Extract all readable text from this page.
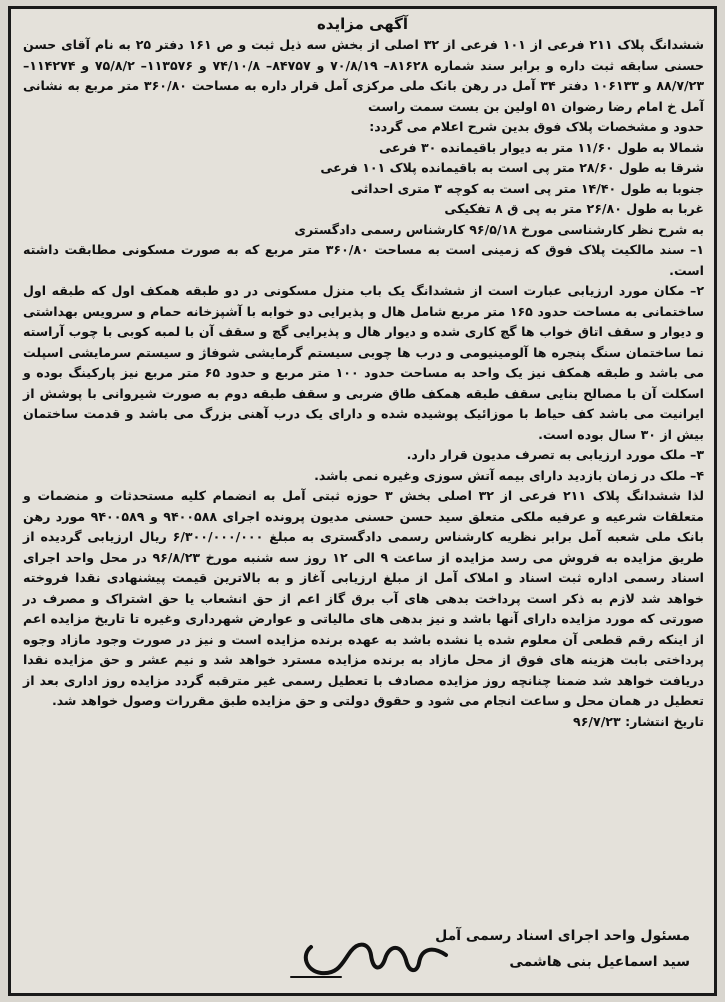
آگهی مزایده

ششدانگ پلاک ۲۱۱ فرعی از ۱۰۱ فرعی از ۳۲ اصلی از بخش سه ذیل ثبت و ص ۱۶۱ دفتر ۲۵ به نام آقای حسن حسنی سابقه ثبت داره و برابر سند شماره ۸۱۶۲۸– ۷۰/۸/۱۹ و ۸۴۷۵۷– ۷۴/۱۰/۸ و ۱۱۳۵۷۶– ۷۵/۸/۲ و ۱۱۴۲۷۴– ۸۸/۷/۲۳ و ۱۰۶۱۳۳ دفتر ۳۴ آمل در رهن بانک ملی مرکزی آمل قرار داره به مساحت ۳۶۰/۸۰ متر مربع به نشانی آمل خ امام رضا رضوان ۵۱ اولین بن بست سمت راست

حدود و مشخصات پلاک فوق بدین شرح اعلام می گردد:

شمالا به طول ۱۱/۶۰ متر به دیوار باقیمانده ۳۰ فرعی

شرقا به طول ۲۸/۶۰ متر پی است به باقیمانده پلاک ۱۰۱ فرعی

جنوبا به طول ۱۴/۴۰ متر پی است به کوچه ۳ متری احداثی

غربا به طول ۲۶/۸۰ متر به پی ق ۸ تفکیکی

به شرح نظر کارشناسی مورخ ۹۶/۵/۱۸ کارشناس رسمی دادگستری

۱– سند مالکیت پلاک فوق که زمینی است به مساحت ۳۶۰/۸۰ متر مربع که به صورت مسکونی مطابقت داشته است.

۲– مکان مورد ارزیابی عبارت است از ششدانگ یک باب منزل مسکونی در دو طبقه همکف اول که طبقه اول ساختمانی به مساحت حدود ۱۶۵ متر مربع شامل هال و پذیرایی دو خوابه با آشپزخانه حمام و سرویس بهداشتی و دیوار و سقف اتاق خواب ها گچ کاری شده و دیوار هال و پذیرایی گچ و سقف آن با لمبه کوبی با چوب آراسته نما ساختمان سنگ پنجره ها آلومینیومی و درب ها چوبی سیستم گرمایشی شوفاژ و سیستم سرمایشی اسپلت می باشد و طبقه همکف نیز یک واحد به مساحت حدود ۱۰۰ متر مربع و حدود ۶۵ متر مربع نیز پارکینگ بوده و اسکلت آن با مصالح بنایی سقف طبقه همکف طاق ضربی و سقف طبقه دوم به صورت شیروانی با پوشش از ایرانیت می باشد کف حیاط با موزائیک پوشیده شده و دارای یک درب آهنی بزرگ می باشد و قدمت ساختمان بیش از ۳۰ سال بوده است.

۳– ملک مورد ارزیابی به تصرف مدیون قرار دارد.

۴– ملک در زمان بازدید دارای بیمه آتش سوزی وغیره نمی باشد.

لذا ششدانگ پلاک ۲۱۱ فرعی از ۳۲ اصلی بخش ۳ حوزه ثبتی آمل به انضمام کلیه مستحدثات و منضمات و متعلقات شرعیه و عرفیه ملکی متعلق سید حسن حسنی مدیون پرونده اجرای ۹۴۰۰۵۸۸ و ۹۴۰۰۵۸۹ مورد رهن بانک ملی شعبه آمل برابر نظریه کارشناس رسمی دادگستری به مبلغ ۶/۳۰۰/۰۰۰/۰۰۰ ریال ارزیابی گردیده از طریق مزایده به فروش می رسد مزایده از ساعت ۹ الی ۱۲ روز سه شنبه مورخ ۹۶/۸/۲۳ در محل واحد اجرای اسناد رسمی اداره ثبت اسناد و املاک آمل از مبلغ ارزیابی آغاز و به بالاترین قیمت پیشنهادی نقدا فروخته خواهد شد لازم به ذکر است پرداخت بدهی های آب برق گاز اعم از حق انشعاب یا حق اشتراک و مصرف در صورتی که مورد مزایده دارای آنها باشد و نیز بدهی های مالیاتی و عوارض شهرداری وغیره تا تاریخ مزایده اعم از اینکه رقم قطعی آن معلوم شده یا نشده باشد به عهده برنده مزایده است و نیز در صورت وجود مازاد وجوه پرداختی بابت هزینه های فوق از محل مازاد به برنده مزایده مسترد خواهد شد و نیم عشر و حق مزایده نقدا دریافت خواهد شد ضمنا چنانچه روز مزایده مصادف با تعطیل رسمی غیر مترقبه گردد مزایده روز اداری بعد از تعطیل در همان محل و ساعت انجام می شود و حقوق دولتی و حق مزایده طبق مقررات وصول خواهد شد.

تاریخ انتشار: ۹۶/۷/۲۳

مسئول واحد اجرای اسناد رسمی آمل
سید اسماعیل بنی هاشمی
